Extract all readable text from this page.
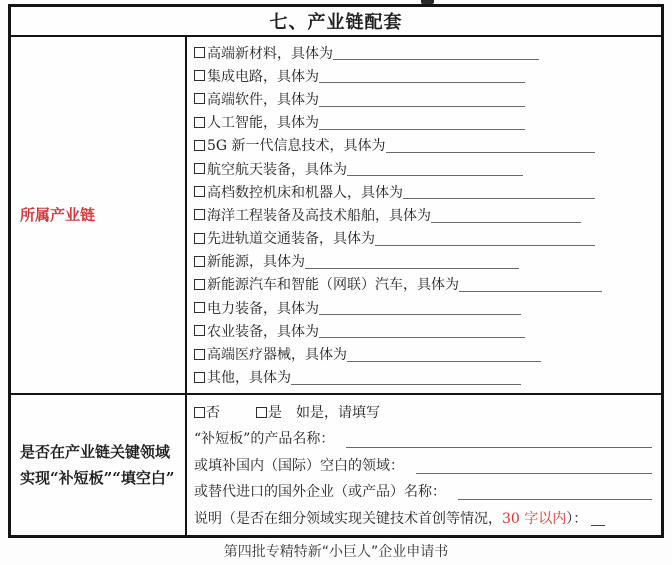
七、产业链配套
所属产业链
高端新材料，具体为
集成电路，具体为
高端软件，具体为
人工智能，具体为
5G 新一代信息技术，具体为
航空航天装备，具体为
高档数控机床和机器人，具体为
海洋工程装备及高技术船舶，具体为
先进轨道交通装备，具体为
新能源，具体为
新能源汽车和智能（网联）汽车，具体为
电力装备，具体为
农业装备，具体为
高端医疗器械，具体为
其他，具体为
是否在产业链关键领域实现“补短板”“填空白”
否	是 如是，请填写
“补短板”的产品名称：
或填补国内（国际）空白的领域：
或替代进口的国外企业（或产品）名称：
说明（是否在细分领域实现关键技术首创等情况， 30 字以内 ）：
第四批专精特新“小巨人”企业申请书
